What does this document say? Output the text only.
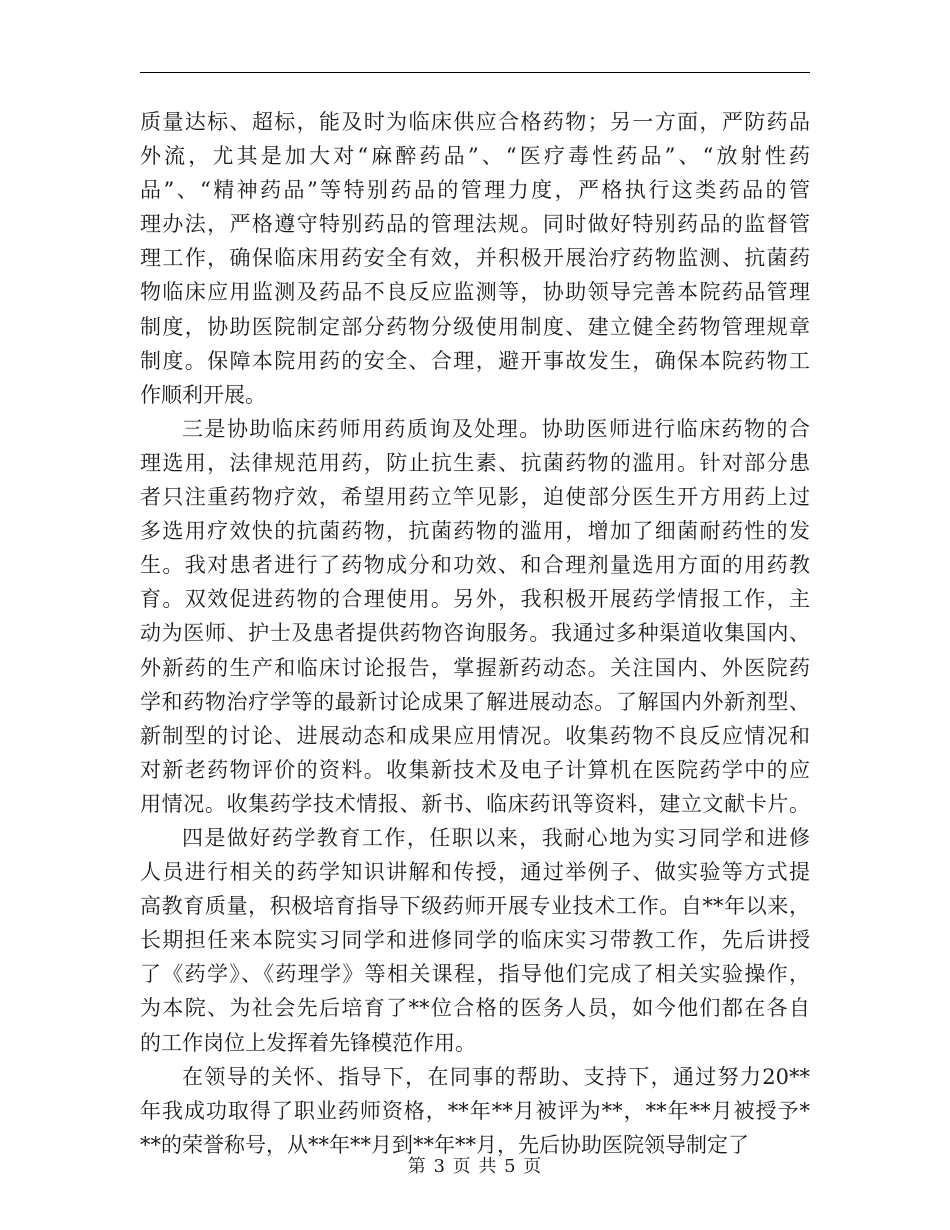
质量达标、超标，能及时为临床供应合格药物；另一方面，严防药品
外流，尤其是加大对“麻醉药品”、“医疗毒性药品”、“放射性药
品”、“精神药品”等特别药品的管理力度，严格执行这类药品的管
理办法，严格遵守特别药品的管理法规。同时做好特别药品的监督管
理工作，确保临床用药安全有效，并积极开展治疗药物监测、抗菌药
物临床应用监测及药品不良反应监测等，协助领导完善本院药品管理
制度，协助医院制定部分药物分级使用制度、建立健全药物管理规章
制度。保障本院用药的安全、合理，避开事故发生，确保本院药物工
作顺利开展。
三是协助临床药师用药质询及处理。协助医师进行临床药物的合
理选用，法律规范用药，防止抗生素、抗菌药物的滥用。针对部分患
者只注重药物疗效，希望用药立竿见影，迫使部分医生开方用药上过
多选用疗效快的抗菌药物，抗菌药物的滥用，增加了细菌耐药性的发
生。我对患者进行了药物成分和功效、和合理剂量选用方面的用药教
育。双效促进药物的合理使用。另外，我积极开展药学情报工作，主
动为医师、护士及患者提供药物咨询服务。我通过多种渠道收集国内、
外新药的生产和临床讨论报告，掌握新药动态。关注国内、外医院药
学和药物治疗学等的最新讨论成果了解进展动态。了解国内外新剂型、
新制型的讨论、进展动态和成果应用情况。收集药物不良反应情况和
对新老药物评价的资料。收集新技术及电子计算机在医院药学中的应
用情况。收集药学技术情报、新书、临床药讯等资料，建立文献卡片。
四是做好药学教育工作，任职以来，我耐心地为实习同学和进修
人员进行相关的药学知识讲解和传授，通过举例子、做实验等方式提
高教育质量，积极培育指导下级药师开展专业技术工作。自**年以来，
长期担任来本院实习同学和进修同学的临床实习带教工作，先后讲授
了《药学》、《药理学》等相关课程，指导他们完成了相关实验操作，
为本院、为社会先后培育了**位合格的医务人员，如今他们都在各自
的工作岗位上发挥着先锋模范作用。
在领导的关怀、指导下，在同事的帮助、支持下，通过努力20**
年我成功取得了职业药师资格，**年**月被评为**，**年**月被授予*
**的荣誉称号，从**年**月到**年**月，先后协助医院领导制定了
第 3 页 共 5 页
